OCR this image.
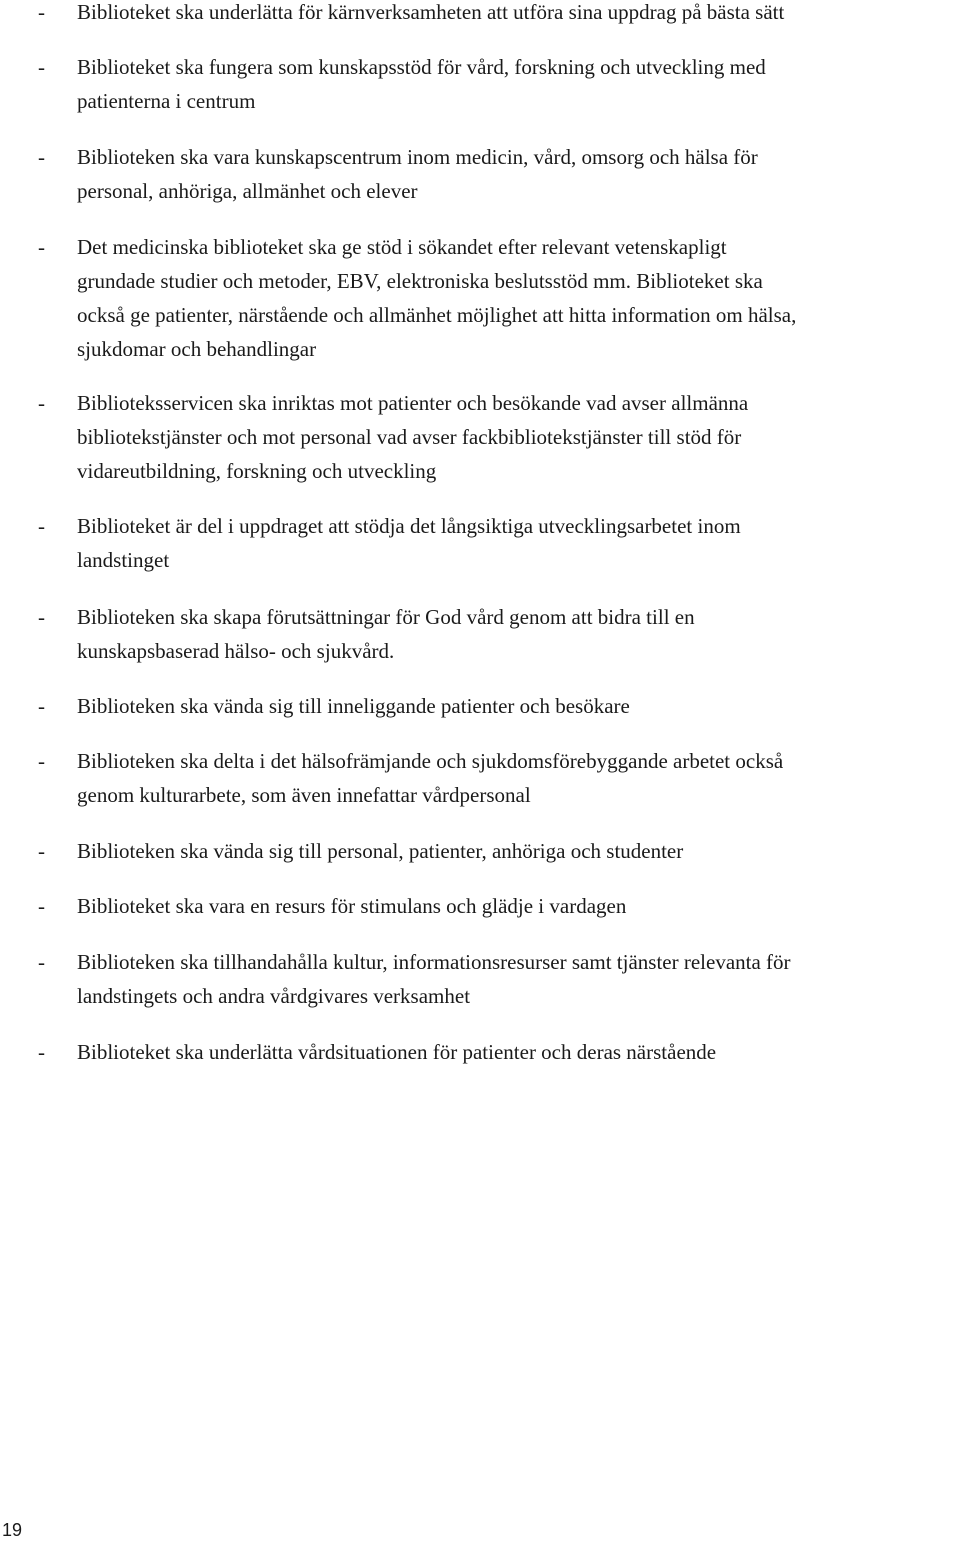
- Biblioteket ska underlätta för kärnverksamheten att utföra sina uppdrag på bästa sätt
- Biblioteket ska fungera som kunskapsstöd för vård, forskning och utveckling med
patienterna i centrum
- Biblioteken ska vara kunskapscentrum inom medicin, vård, omsorg och hälsa för
personal, anhöriga, allmänhet och elever
- Det medicinska biblioteket ska ge stöd i sökandet efter relevant vetenskapligt
grundade studier och metoder, EBV, elektroniska beslutsstöd mm. Biblioteket ska
också ge patienter, närstående och allmänhet möjlighet att hitta information om hälsa,
sjukdomar och behandlingar
- Biblioteksservicen ska inriktas mot patienter och besökande vad avser allmänna
bibliotekstjänster och mot personal vad avser fackbibliotekstjänster till stöd för
vidareutbildning, forskning och utveckling
- Biblioteket är del i uppdraget att stödja det långsiktiga utvecklingsarbetet inom
landstinget
- Biblioteken ska skapa förutsättningar för God vård genom att bidra till en
kunskapsbaserad hälso- och sjukvård.
- Biblioteken ska vända sig till inneliggande patienter och besökare
- Biblioteken ska delta i det hälsofrämjande och sjukdomsförebyggande arbetet också
genom kulturarbete, som även innefattar vårdpersonal
- Biblioteken ska vända sig till personal, patienter, anhöriga och studenter
- Biblioteket ska vara en resurs för stimulans och glädje i vardagen
- Biblioteken ska tillhandahålla kultur, informationsresurser samt tjänster relevanta för
landstingets och andra vårdgivares verksamhet
- Biblioteket ska underlätta vårdsituationen för patienter och deras närstående
19
